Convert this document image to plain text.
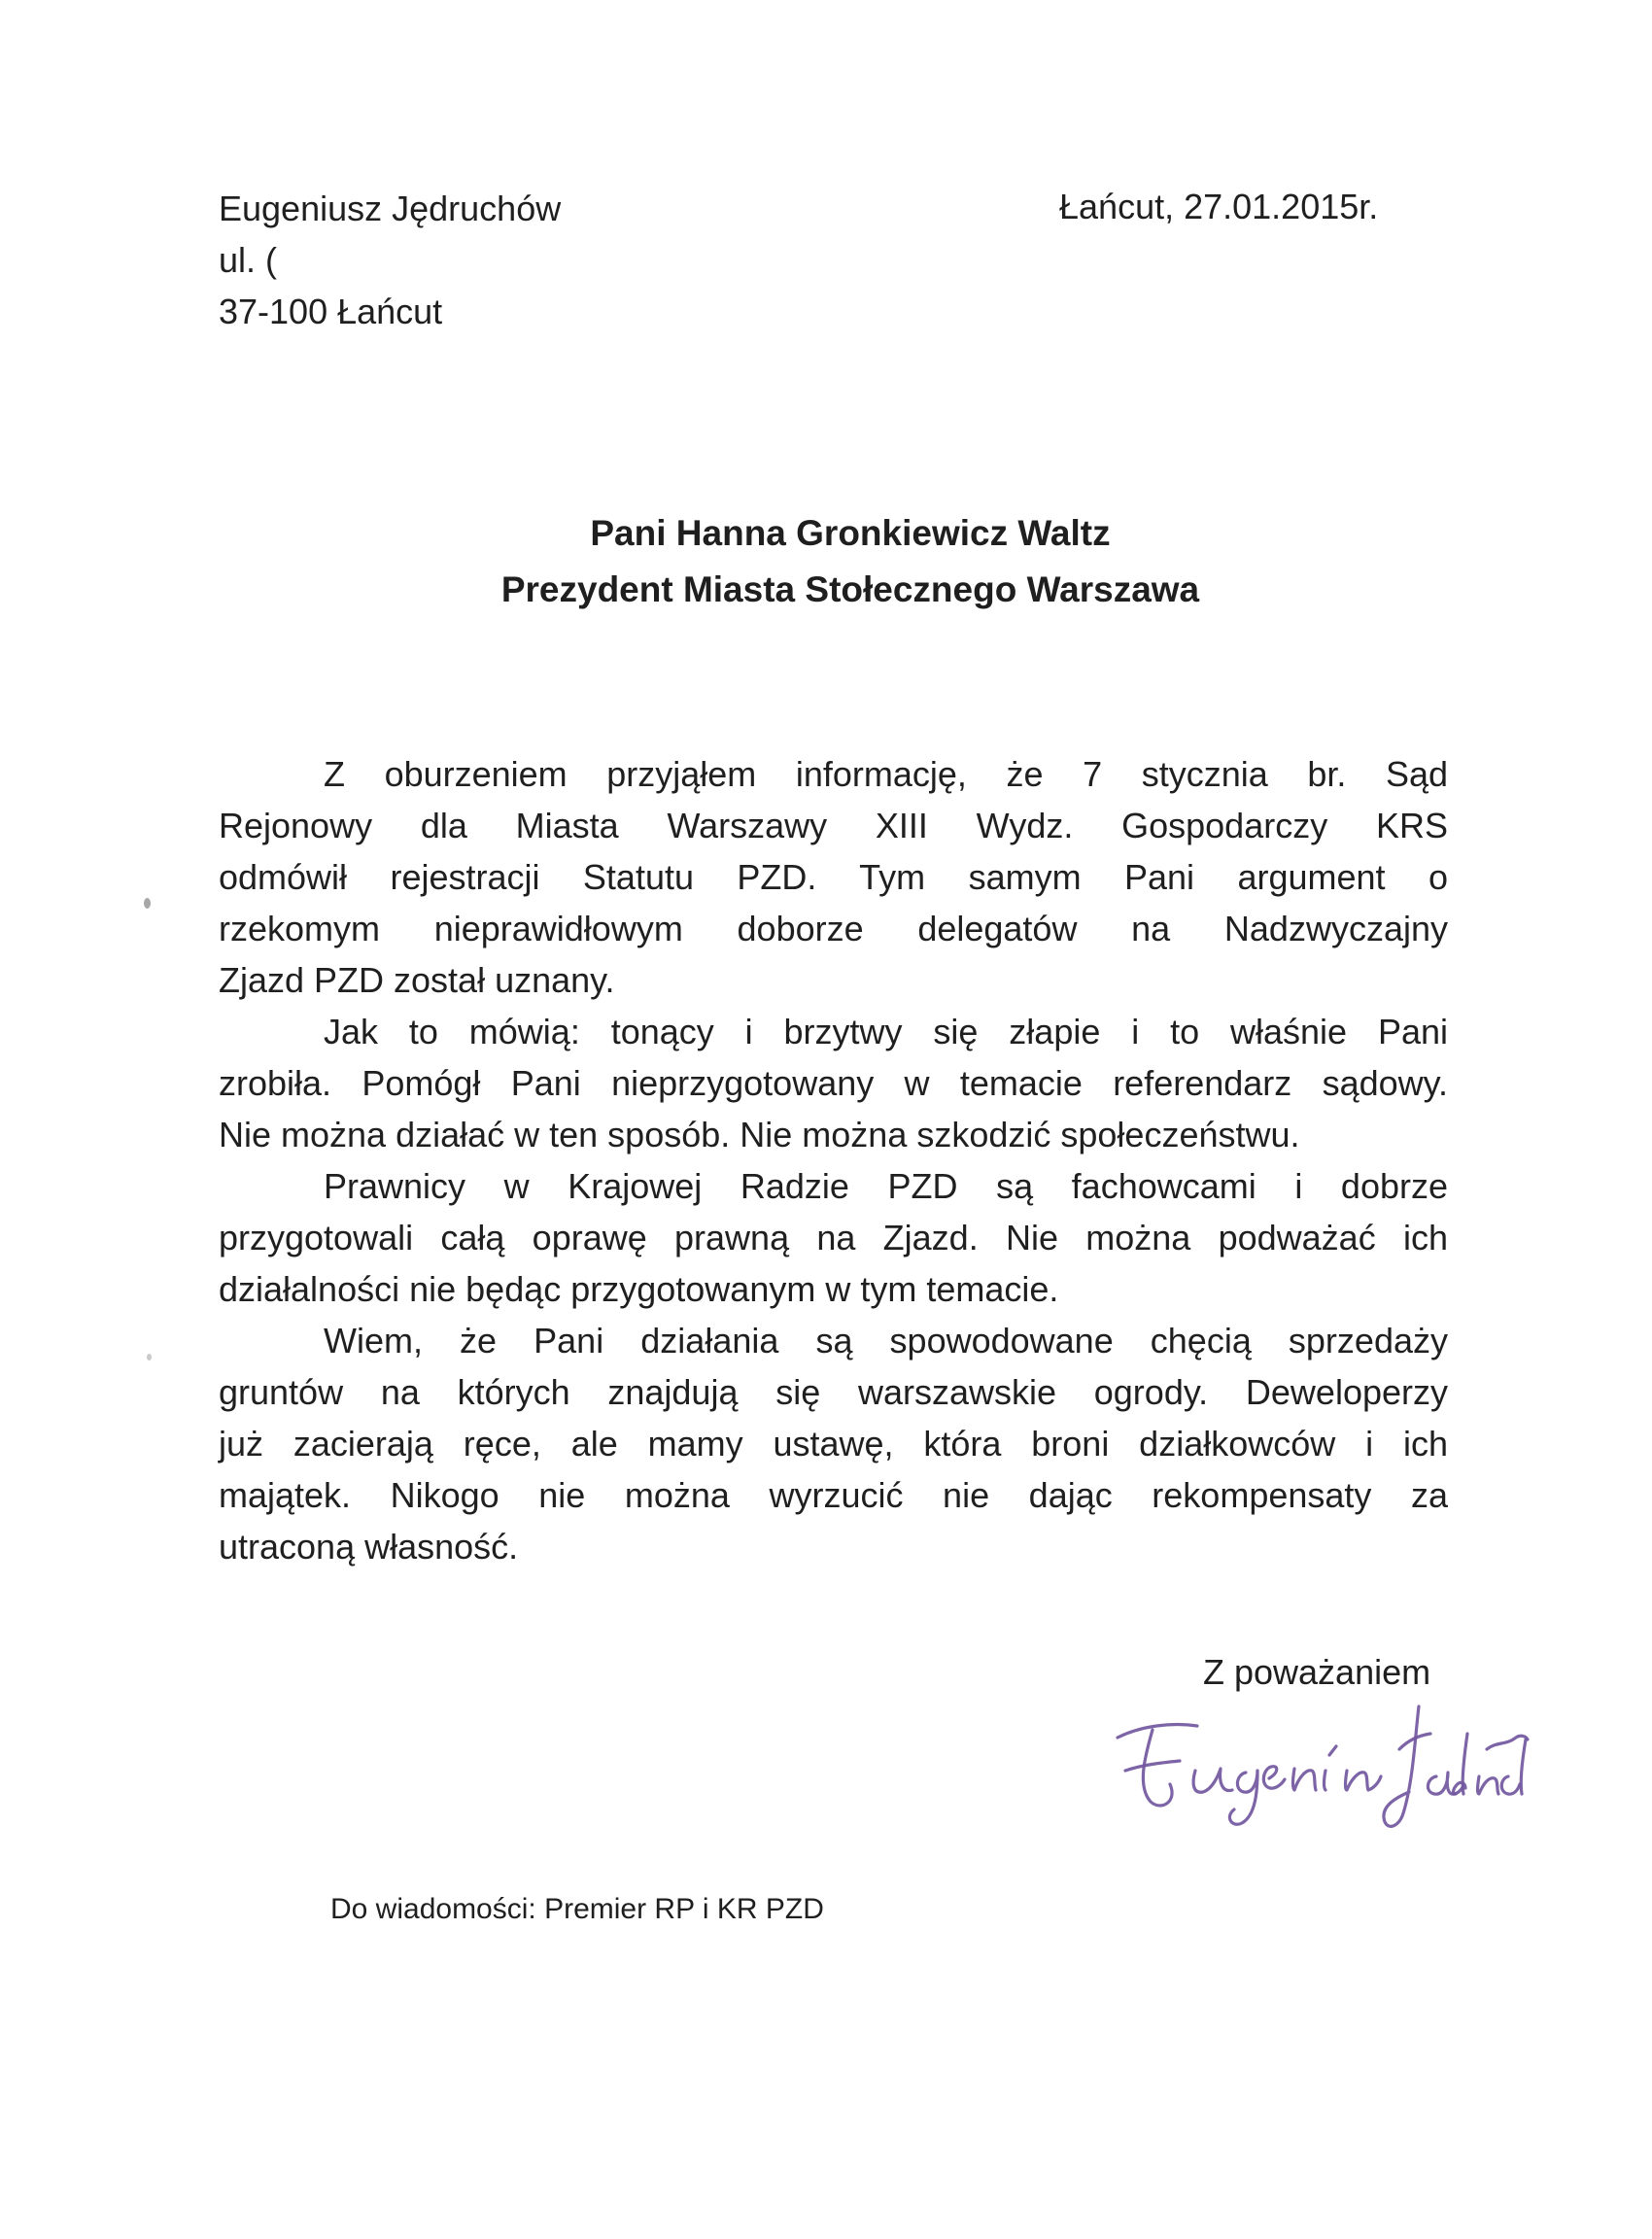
Eugeniusz Jędruchów
ul. (
37-100 Łańcut
Łańcut, 27.01.2015r.
Pani Hanna Gronkiewicz Waltz
Prezydent Miasta Stołecznego Warszawa
Z oburzeniem przyjąłem informację, że 7 stycznia br. Sąd
Rejonowy dla Miasta Warszawy XIII Wydz. Gospodarczy KRS
odmówił rejestracji Statutu PZD. Tym samym Pani argument o
rzekomym nieprawidłowym doborze delegatów na Nadzwyczajny
Zjazd PZD został uznany.
Jak to mówią: tonący i brzytwy się złapie i to właśnie Pani
zrobiła. Pomógł Pani nieprzygotowany w temacie referendarz sądowy.
Nie można działać w ten sposób. Nie można szkodzić społeczeństwu.
Prawnicy w Krajowej Radzie PZD są fachowcami i dobrze
przygotowali całą oprawę prawną na Zjazd. Nie można podważać ich
działalności nie będąc przygotowanym w tym temacie.
Wiem, że Pani działania są spowodowane chęcią sprzedaży
gruntów na których znajdują się warszawskie ogrody. Deweloperzy
już zacierają ręce, ale mamy ustawę, która broni działkowców i ich
majątek. Nikogo nie można wyrzucić nie dając rekompensaty za
utraconą własność.
Z poważaniem
Do wiadomości: Premier RP i KR PZD
